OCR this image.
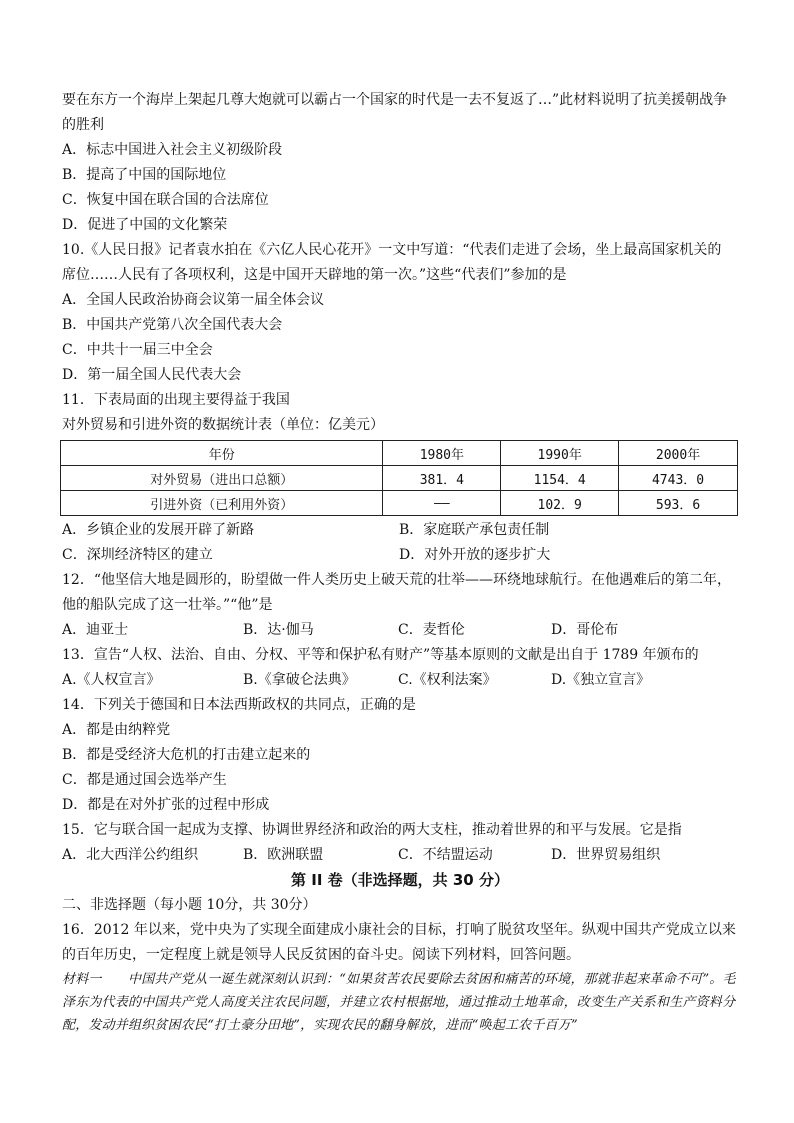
要在东方一个海岸上架起几尊大炮就可以霸占一个国家的时代是一去不复返了…”此材料说明了抗美援朝战争
的胜利
A．标志中国进入社会主义初级阶段
B．提高了中国的国际地位
C．恢复中国在联合国的合法席位
D．促进了中国的文化繁荣
10.《人民日报》记者袁水拍在《六亿人民心花开》一文中写道：“代表们走进了会场，坐上最高国家机关的
席位……人民有了各项权利，这是中国开天辟地的第一次。”这些“代表们”参加的是
A．全国人民政治协商会议第一届全体会议
B．中国共产党第八次全国代表大会
C．中共十一届三中全会
D．第一届全国人民代表大会
11．下表局面的出现主要得益于我国
对外贸易和引进外资的数据统计表（单位：亿美元）
年份	1980年	1990年	2000年
对外贸易（进出口总额）	381．4	1154．4	4743．0
引进外资（已利用外资）	——	102．9	593．6
A．乡镇企业的发展开辟了新路	B．家庭联产承包责任制
C．深圳经济特区的建立	D．对外开放的逐步扩大
12．“他坚信大地是圆形的，盼望做一件人类历史上破天荒的壮举——环绕地球航行。在他遇难后的第二年，
他的船队完成了这一壮举。”“他”是
A．迪亚士	B．达·伽马	C．麦哲伦	D．哥伦布
13．宣告“人权、法治、自由、分权、平等和保护私有财产”等基本原则的文献是出自于 1789 年颁布的
A.《人权宣言》	B.《拿破仑法典》	C.《权利法案》	D.《独立宣言》
14．下列关于德国和日本法西斯政权的共同点，正确的是
A．都是由纳粹党
B．都是受经济大危机的打击建立起来的
C．都是通过国会选举产生
D．都是在对外扩张的过程中形成
15．它与联合国一起成为支撑、协调世界经济和政治的两大支柱，推动着世界的和平与发展。它是指
A．北大西洋公约组织	B．欧洲联盟	C．不结盟运动	D．世界贸易组织
第 II 卷（非选择题，共 30 分）
二、非选择题（每小题 10分，共 30分）
16．2012 年以来，党中央为了实现全面建成小康社会的目标，打响了脱贫攻坚年。纵观中国共产党成立以来
的百年历史，一定程度上就是领导人民反贫困的奋斗史。阅读下列材料，回答问题。
材料一　　中国共产党从一诞生就深刻认识到：“如果贫苦农民要除去贫困和痛苦的环境，那就非起来革命不可”。毛泽东为代表的中国共产党人高度关注农民问题，并建立农村根据地，通过推动土地革命，改变生产关系和生产资料分配，发动并组织贫困农民“打土豪分田地”，实现农民的翻身解放，进而“唤起工农千百万”
